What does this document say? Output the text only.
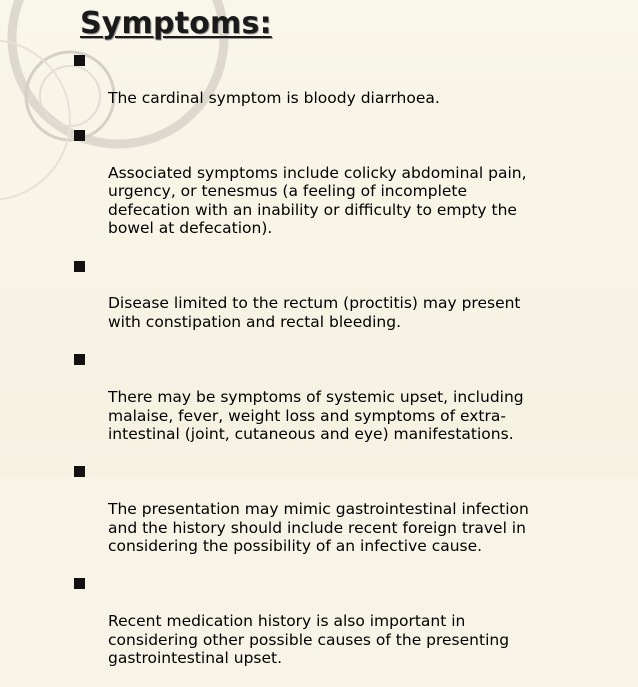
Symptoms:

The cardinal symptom is bloody diarrhoea.

Associated symptoms include colicky abdominal pain,
urgency, or tenesmus (a feeling of incomplete
defecation with an inability or difficulty to empty the
bowel at defecation).

Disease limited to the rectum (proctitis) may present
with constipation and rectal bleeding.

There may be symptoms of systemic upset, including
malaise, fever, weight loss and symptoms of extra-
intestinal (joint, cutaneous and eye) manifestations.

The presentation may mimic gastrointestinal infection
and the history should include recent foreign travel in
considering the possibility of an infective cause.

Recent medication history is also important in
considering other possible causes of the presenting
gastrointestinal upset.
